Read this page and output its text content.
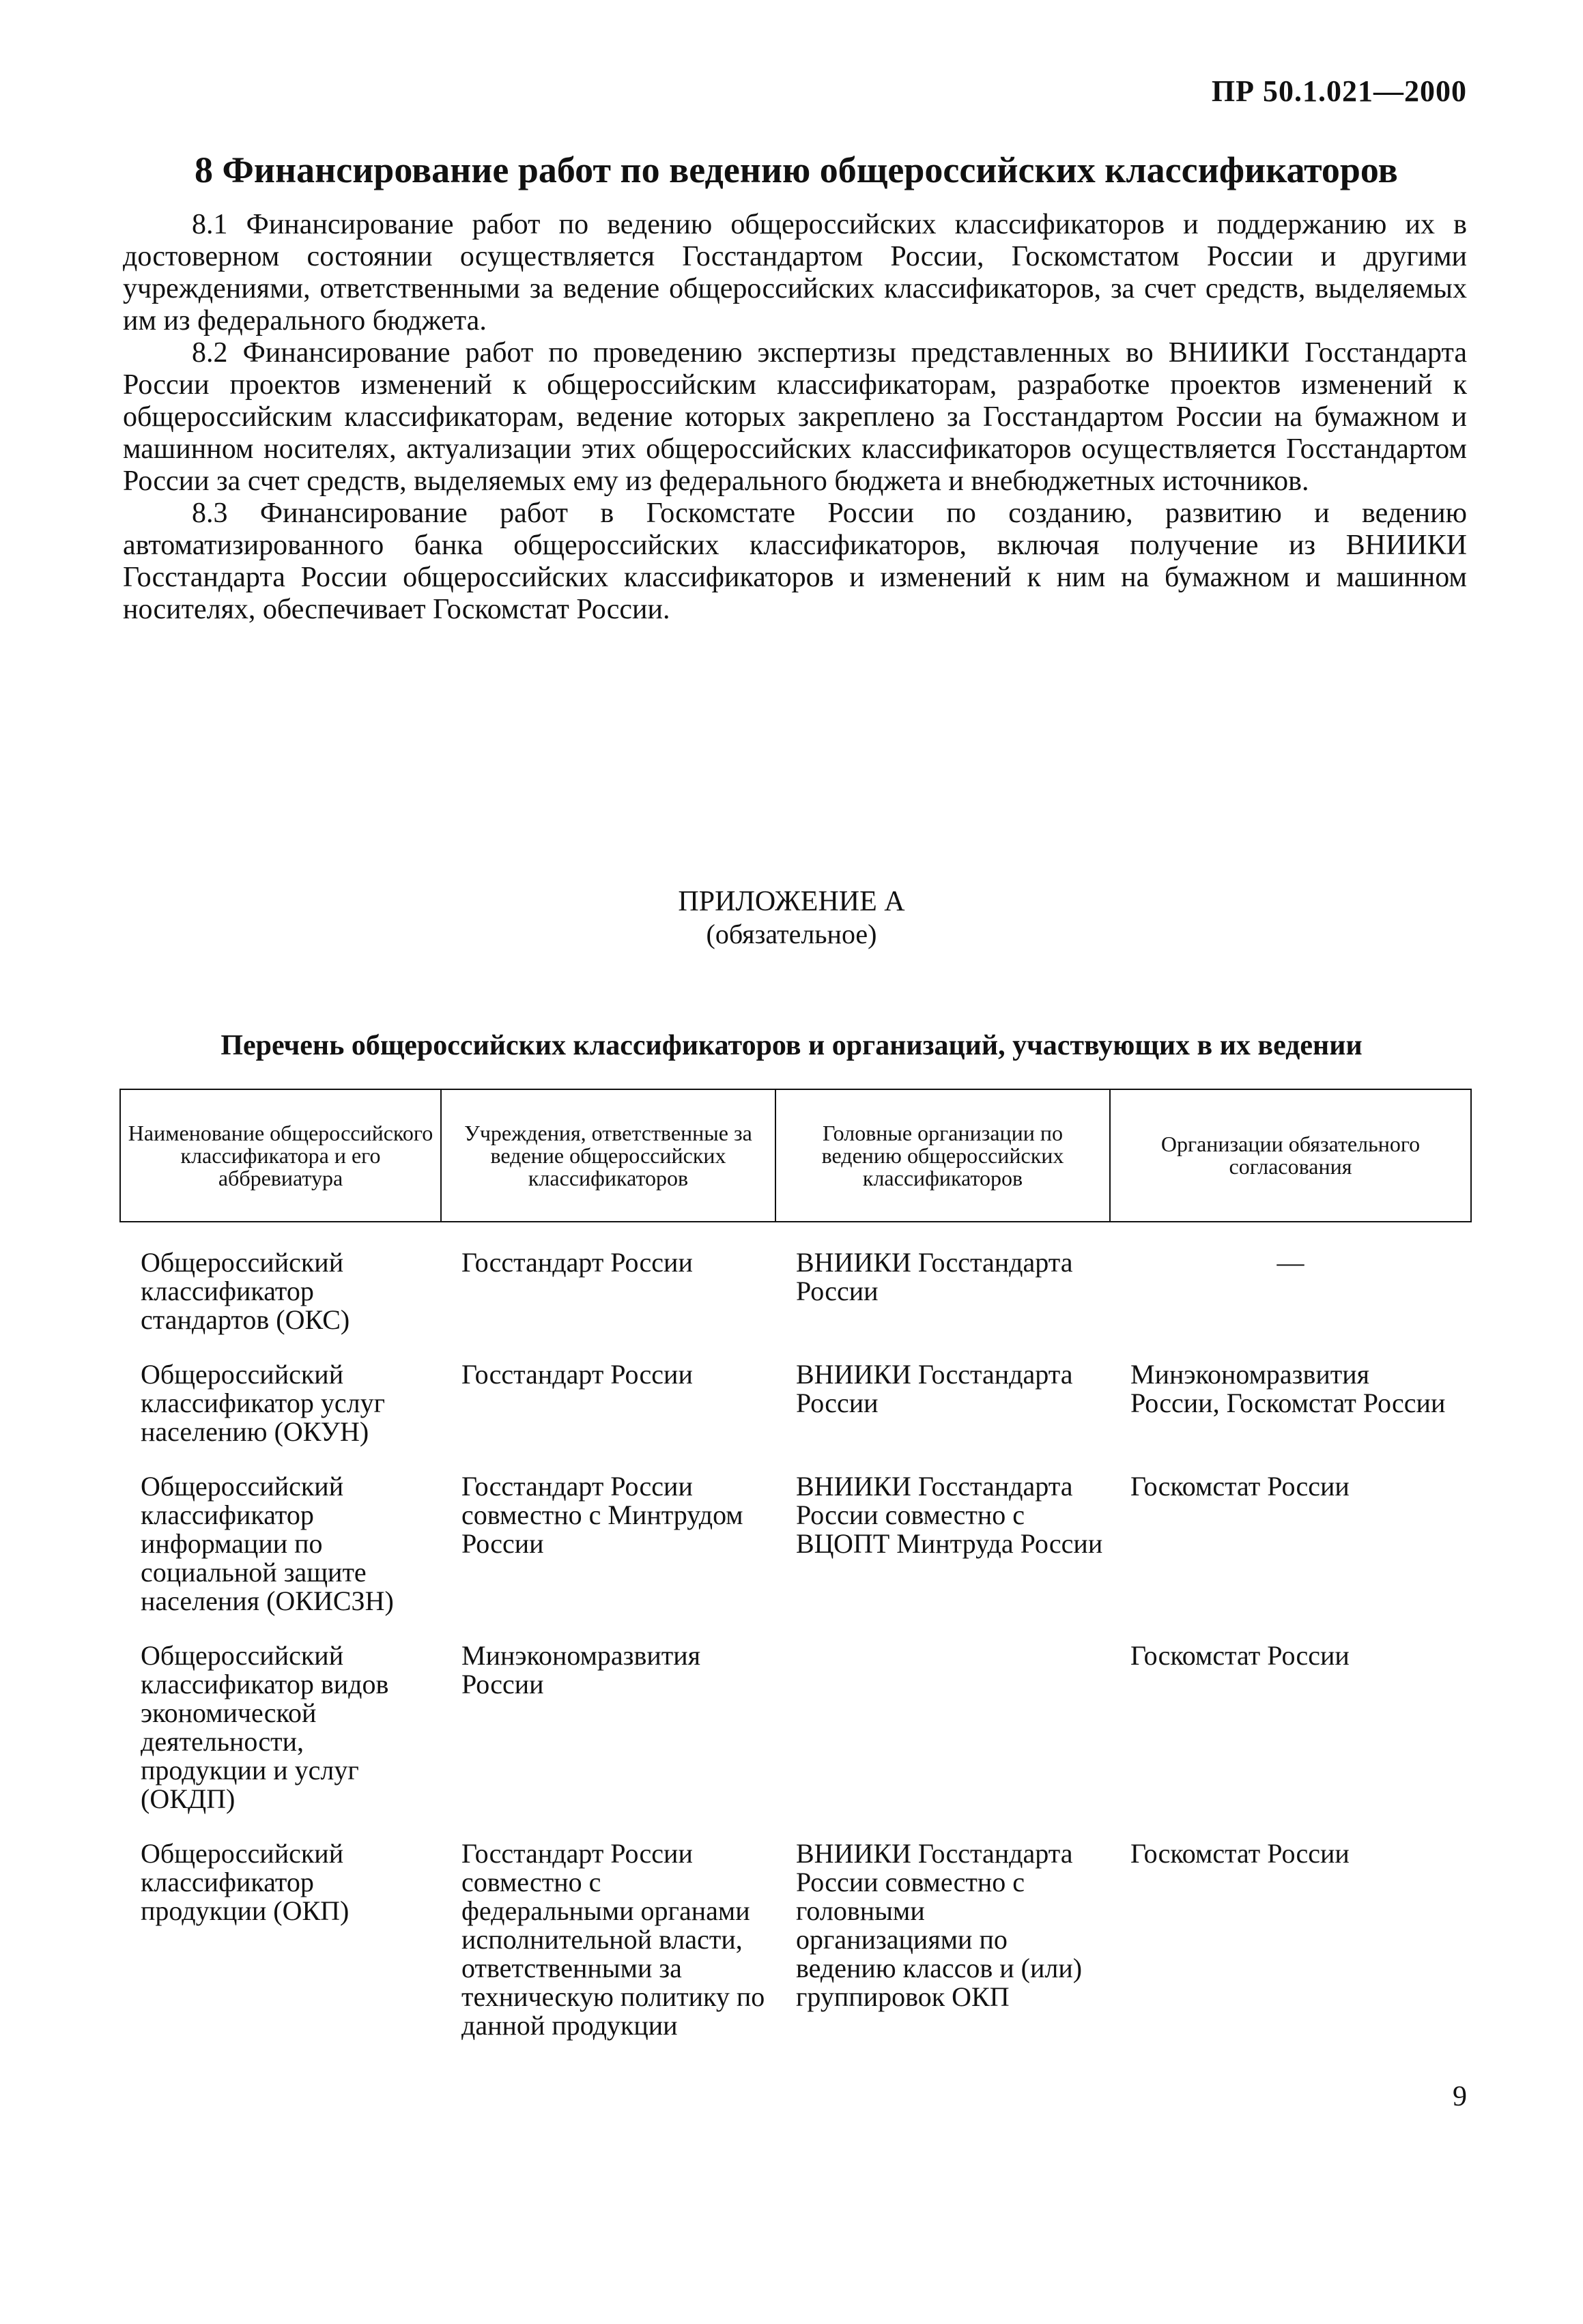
ПР 50.1.021—2000
8 Финансирование работ по ведению общероссийских классификаторов

8.1 Финансирование работ по ведению общероссийских классификаторов и поддержанию их в достоверном состоянии осуществляется Госстандартом России, Госкомстатом России и другими учреждениями, ответственными за ведение общероссийских классификаторов, за счет средств, выделяемых им из федерального бюджета.

8.2 Финансирование работ по проведению экспертизы представленных во ВНИИКИ Госстандарта России проектов изменений к общероссийским классификаторам, разработке проектов изменений к общероссийским классификаторам, ведение которых закреплено за Госстандартом России на бумажном и машинном носителях, актуализации этих общероссийских классификаторов осуществляется Госстандартом России за счет средств, выделяемых ему из федерального бюджета и внебюджетных источников.

8.3 Финансирование работ в Госкомстате России по созданию, развитию и ведению автоматизированного банка общероссийских классификаторов, включая получение из ВНИИКИ Госстандарта России общероссийских классификаторов и изменений к ним на бумажном и машинном носителях, обеспечивает Госкомстат России.

ПРИЛОЖЕНИЕ А
(обязательное)
Перечень общероссийских классификаторов и организаций, участвующих в их ведении
Наименование общероссийского классификатора и его аббревиатура	Учреждения, ответственные за ведение общероссийских классификаторов	Головные организации по ведению общероссийских классификаторов	Организации обязательного согласования

Общероссийский классификатор стандартов (ОКС)	Госстандарт России	ВНИИКИ Госстандарта России	—

Общероссийский классификатор услуг населению (ОКУН)	Госстандарт России	ВНИИКИ Госстандарта России	Минэкономразвития России, Госкомстат России

Общероссийский классификатор информации по социальной защите населения (ОКИСЗН)	Госстандарт России совместно с Минтрудом России	ВНИИКИ Госстандарта России совместно с ВЦОПТ Минтруда России	Госкомстат России

Общероссийский классификатор видов экономической деятельности, продукции и услуг (ОКДП)	Минэкономразвития России		Госкомстат России

Общероссийский классификатор продукции (ОКП)	Госстандарт России совместно с федеральными органами исполнительной власти, ответственными за техническую политику по данной продукции	ВНИИКИ Госстандарта России совместно с головными организациями по ведению классов и (или) группировок ОКП	Госкомстат России
9
